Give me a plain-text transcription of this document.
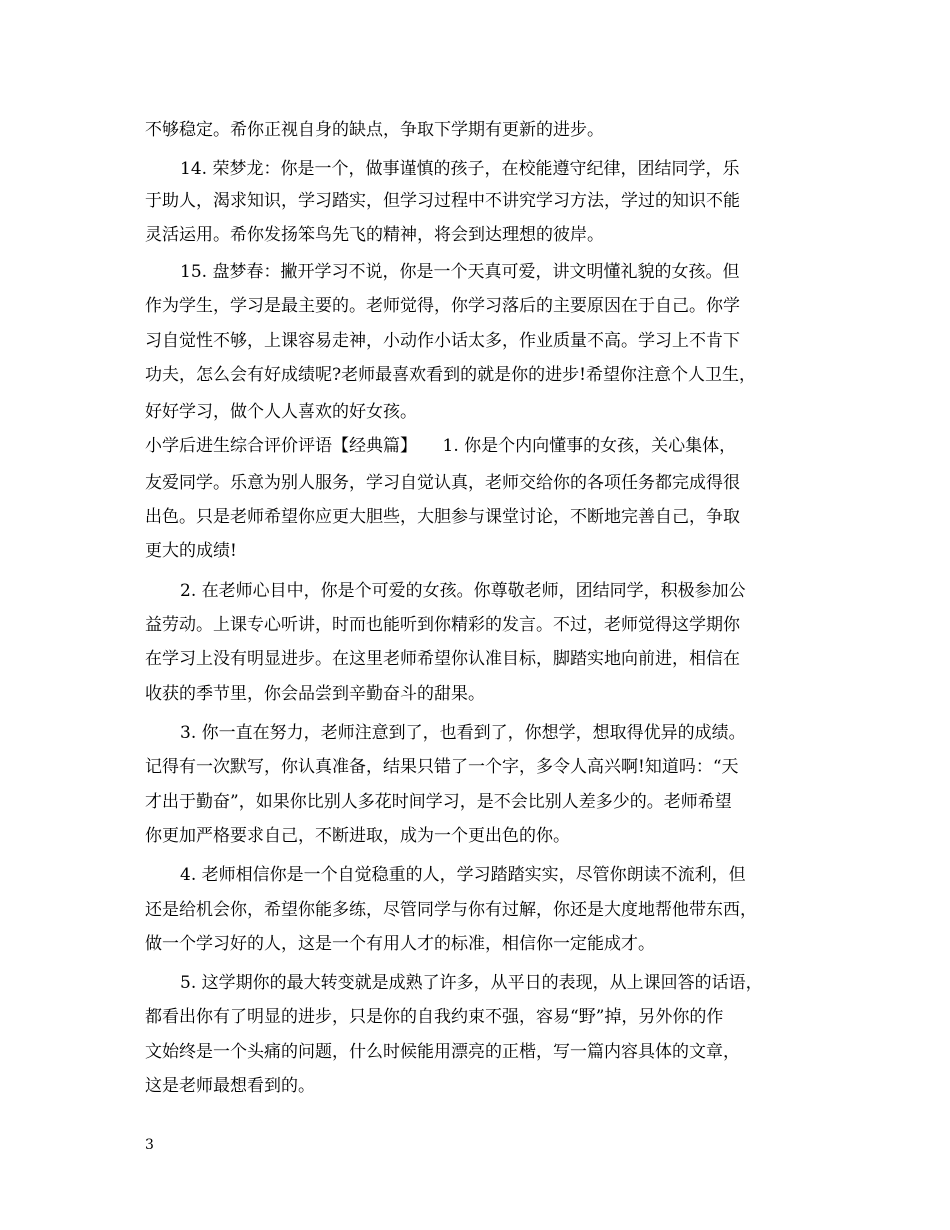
不够稳定。希你正视自身的缺点，争取下学期有更新的进步。
14. 荣梦龙：你是一个，做事谨慎的孩子，在校能遵守纪律，团结同学，乐
于助人，渴求知识，学习踏实，但学习过程中不讲究学习方法，学过的知识不能
灵活运用。希你发扬笨鸟先飞的精神，将会到达理想的彼岸。
15. 盘梦春：撇开学习不说，你是一个天真可爱，讲文明懂礼貌的女孩。但
作为学生，学习是最主要的。老师觉得，你学习落后的主要原因在于自己。你学
习自觉性不够，上课容易走神，小动作小话太多，作业质量不高。学习上不肯下
功夫，怎么会有好成绩呢?老师最喜欢看到的就是你的进步!希望你注意个人卫生，
好好学习，做个人人喜欢的好女孩。
小学后进生综合评价评语【经典篇】　　1. 你是个内向懂事的女孩，关心集体，
友爱同学。乐意为别人服务，学习自觉认真，老师交给你的各项任务都完成得很
出色。只是老师希望你应更大胆些，大胆参与课堂讨论，不断地完善自己，争取
更大的成绩!
2. 在老师心目中，你是个可爱的女孩。你尊敬老师，团结同学，积极参加公
益劳动。上课专心听讲，时而也能听到你精彩的发言。不过，老师觉得这学期你
在学习上没有明显进步。在这里老师希望你认准目标，脚踏实地向前进，相信在
收获的季节里，你会品尝到辛勤奋斗的甜果。
3. 你一直在努力，老师注意到了，也看到了，你想学，想取得优异的成绩。
记得有一次默写，你认真准备，结果只错了一个字，多令人高兴啊!知道吗：“天
才出于勤奋”，如果你比别人多花时间学习，是不会比别人差多少的。老师希望
你更加严格要求自己，不断进取，成为一个更出色的你。
4. 老师相信你是一个自觉稳重的人，学习踏踏实实，尽管你朗读不流利，但
还是给机会你，希望你能多练，尽管同学与你有过解，你还是大度地帮他带东西，
做一个学习好的人，这是一个有用人才的标准，相信你一定能成才。
5. 这学期你的最大转变就是成熟了许多，从平日的表现，从上课回答的话语，
都看出你有了明显的进步，只是你的自我约束不强，容易“野”掉，另外你的作
文始终是一个头痛的问题，什么时候能用漂亮的正楷，写一篇内容具体的文章，
这是老师最想看到的。
3
